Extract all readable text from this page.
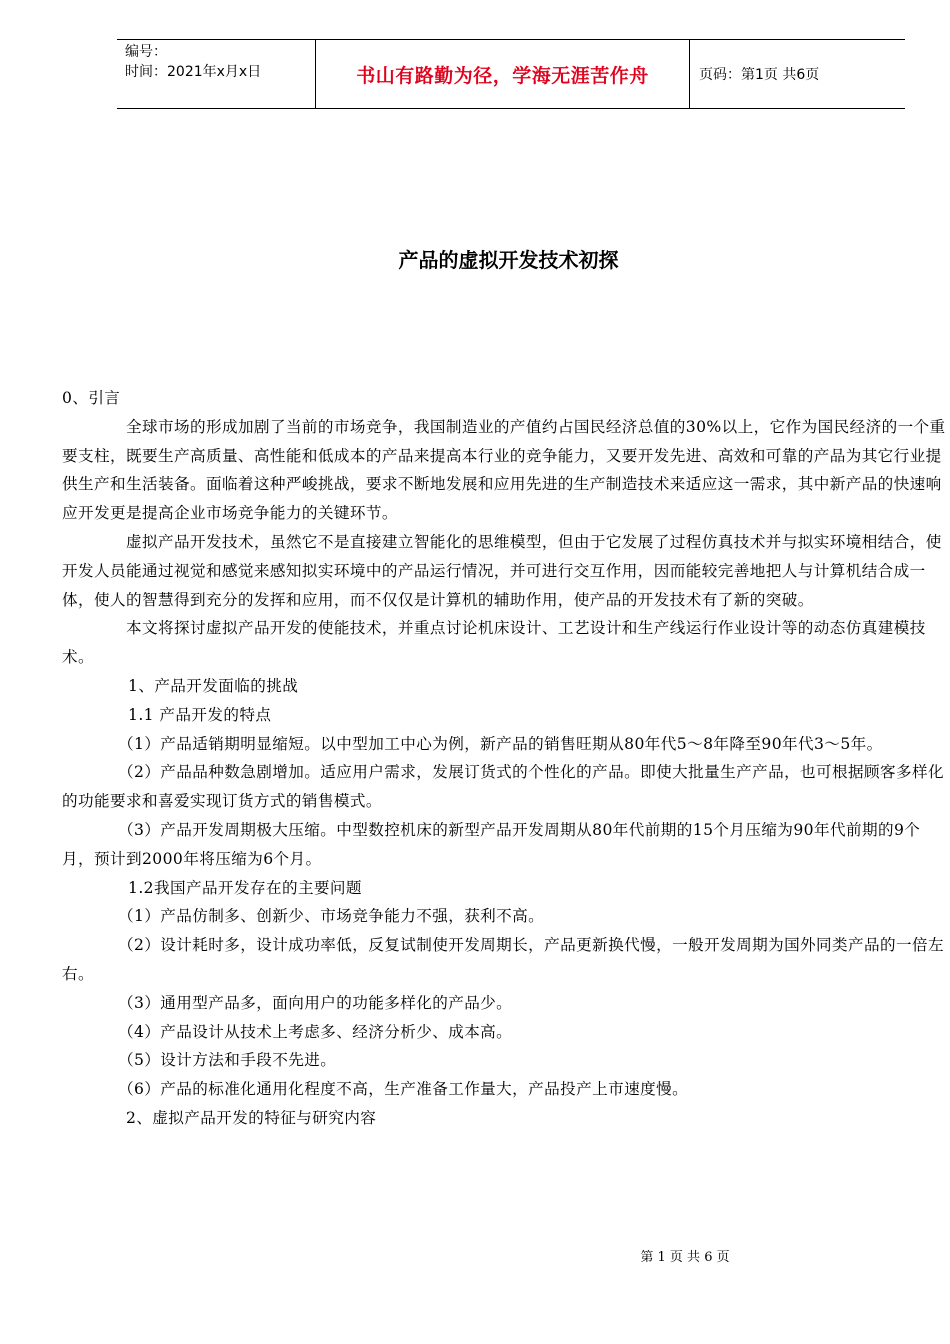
编号：
时间：2021年x月x日	书山有路勤为径，学海无涯苦作舟	页码：第1页 共6页
产品的虚拟开发技术初探

0、引言

全球市场的形成加剧了当前的市场竞争，我国制造业的产值约占国民经济总值的30%以上，它作为国民经济的一个重要支柱，既要生产高质量、高性能和低成本的产品来提高本行业的竞争能力，又要开发先进、高效和可靠的产品为其它行业提供生产和生活装备。面临着这种严峻挑战，要求不断地发展和应用先进的生产制造技术来适应这一需求，其中新产品的快速响应开发更是提高企业市场竞争能力的关键环节。

虚拟产品开发技术，虽然它不是直接建立智能化的思维模型，但由于它发展了过程仿真技术并与拟实环境相结合，使开发人员能通过视觉和感觉来感知拟实环境中的产品运行情况，并可进行交互作用，因而能较完善地把人与计算机结合成一体，使人的智慧得到充分的发挥和应用，而不仅仅是计算机的辅助作用，使产品的开发技术有了新的突破。

本文将探讨虚拟产品开发的使能技术，并重点讨论机床设计、工艺设计和生产线运行作业设计等的动态仿真建模技术。

1、产品开发面临的挑战

1.1 产品开发的特点

（1）产品适销期明显缩短。以中型加工中心为例，新产品的销售旺期从80年代5～8年降至90年代3～5年。

（2）产品品种数急剧增加。适应用户需求，发展订货式的个性化的产品。即使大批量生产产品，也可根据顾客多样化的功能要求和喜爱实现订货方式的销售模式。

（3）产品开发周期极大压缩。中型数控机床的新型产品开发周期从80年代前期的15个月压缩为90年代前期的9个月，预计到2000年将压缩为6个月。

1.2我国产品开发存在的主要问题

（1）产品仿制多、创新少、市场竞争能力不强，获利不高。

（2）设计耗时多，设计成功率低，反复试制使开发周期长，产品更新换代慢，一般开发周期为国外同类产品的一倍左右。

（3）通用型产品多，面向用户的功能多样化的产品少。

（4）产品设计从技术上考虑多、经济分析少、成本高。

（5）设计方法和手段不先进。

（6）产品的标准化通用化程度不高，生产准备工作量大，产品投产上市速度慢。

2、虚拟产品开发的特征与研究内容

第 1 页 共 6 页
